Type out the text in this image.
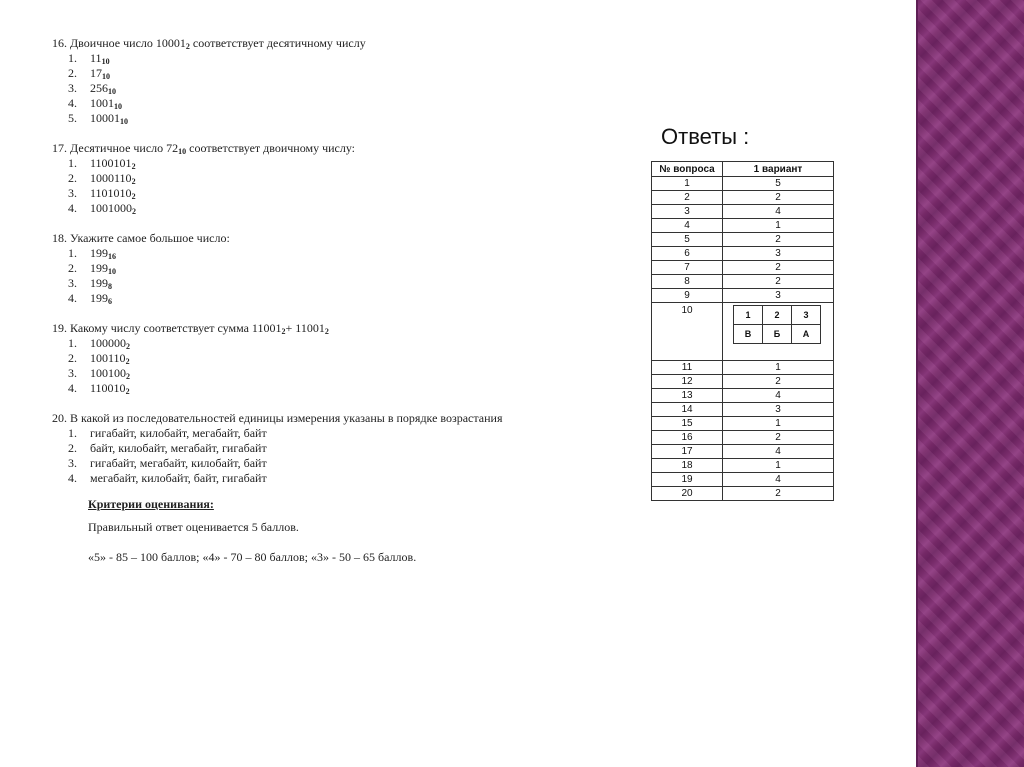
16. Двоичное число $10001_2$ соответствует десятичному числу
1. $11_{10}$
2. $17_{10}$
3. $256_{10}$
4. $1001_{10}$
5. $10001_{10}$
17. Десятичное число $72_{10}$ соответствует двоичному числу:
1. $1100101_2$
2. $1000110_2$
3. $1101010_2$
4. $1001000_2$
18. Укажите самое большое число:
1. $199_{16}$
2. $199_{10}$
3. $199_8$
4. $199_6$
19. Какому числу соответствует сумма $11001_2+ 11001_2$
1. $100000_2$
2. $100110_2$
3. $100100_2$
4. $110010_2$
20. В какой из последовательностей единицы измерения указаны в порядке возрастания
1. гигабайт, килобайт, мегабайт, байт
2. байт, килобайт, мегабайт, гигабайт
3. гигабайт, мегабайт, килобайт, байт
4. мегабайт, килобайт, байт, гигабайт
Критерии оценивания:
Правильный ответ оценивается 5 баллов.
«5» - 85 – 100 баллов; «4» - 70 – 80 баллов; «3» - 50 – 65 баллов.
Ответы :
№ вопроса	1 вариант
1	5
2	2
3	4
4	1
5	2
6	3
7	2
8	2
9	3
10		1	2	3
В	Б	А

11	1
12	2
13	4
14	3
15	1
16	2
17	4
18	1
19	4
20	2
